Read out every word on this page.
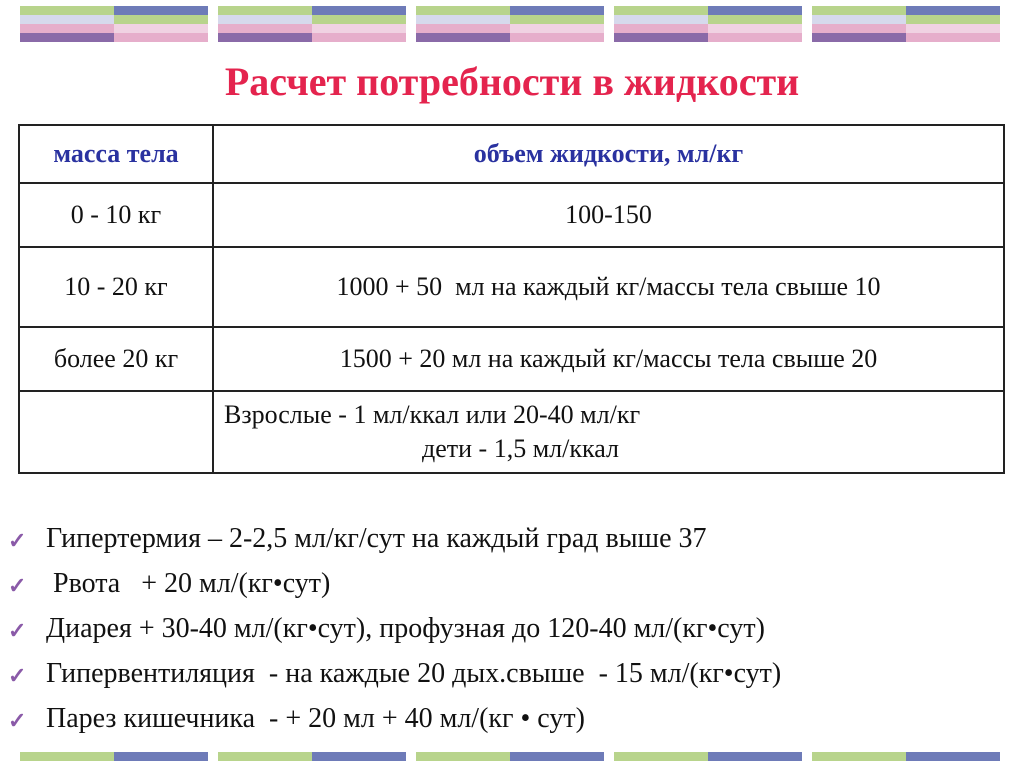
Расчет потребности в жидкости
масса тела	объем жидкости, мл/кг
0 - 10 кг	100-150
10 - 20 кг	1000 + 50  мл на каждый кг/массы тела свыше 10
более 20 кг	1500 + 20 мл на каждый кг/массы тела свыше 20

	Взрослые - 1 мл/ккал или 20-40 мл/кг
дети - 1,5 мл/ккал
✓ Гипертермия – 2-2,5 мл/кг/сут на каждый град выше 37
✓ Рвота   + 20 мл/(кг•сут)
✓ Диарея + 30-40 мл/(кг•сут), профузная до 120-40 мл/(кг•сут)
✓ Гипервентиляция  - на каждые 20 дых.свыше  - 15 мл/(кг•сут)
✓ Парез кишечника  - + 20 мл + 40 мл/(кг • сут)
